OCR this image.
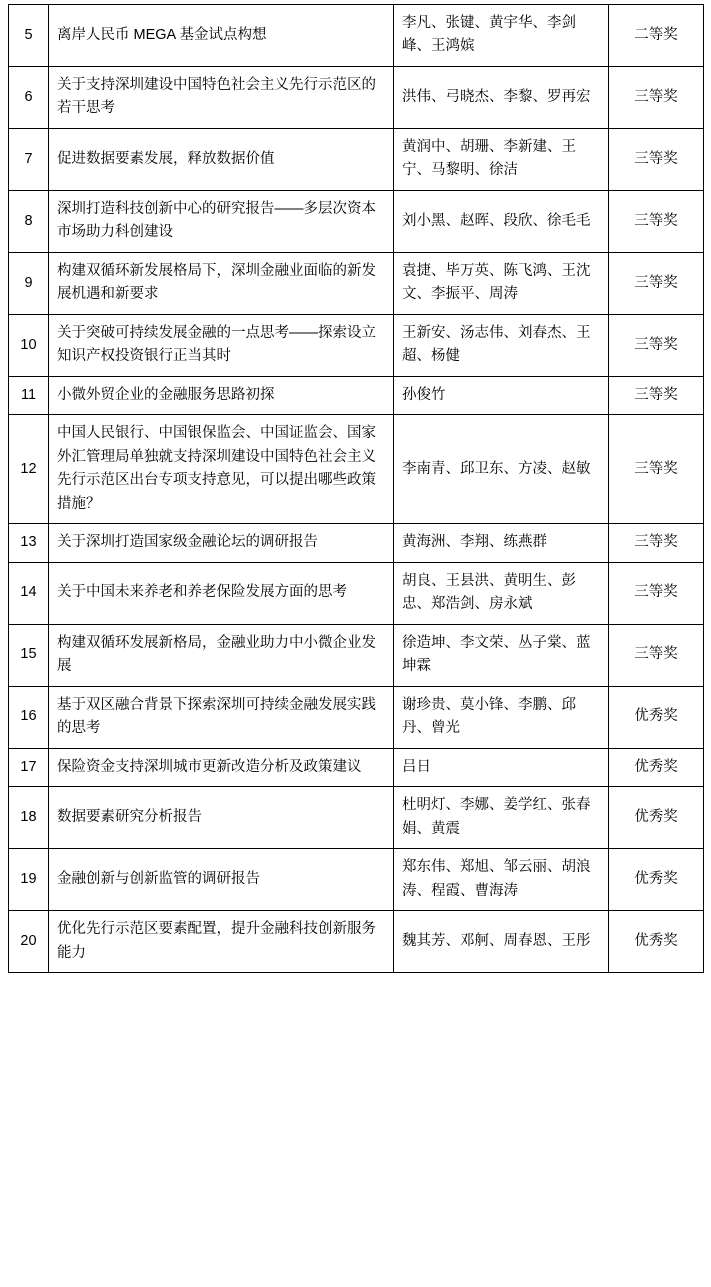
5	离岸人民币 MEGA 基金试点构想	李凡、张键、黄宇华、李剑峰、王鸿嫔	二等奖
6	关于支持深圳建设中国特色社会主义先行示范区的若干思考	洪伟、弓晓杰、李黎、罗再宏	三等奖
7	促进数据要素发展，释放数据价值	黄润中、胡珊、李新建、王宁、马黎明、徐洁	三等奖
8	深圳打造科技创新中心的研究报告――多层次资本市场助力科创建设	刘小黑、赵晖、段欣、徐毛毛	三等奖
9	构建双循环新发展格局下，深圳金融业面临的新发展机遇和新要求	袁捷、毕万英、陈飞鸿、王沈文、李振平、周涛	三等奖
10	关于突破可持续发展金融的一点思考――探索设立知识产权投资银行正当其时	王新安、汤志伟、刘春杰、王超、杨健	三等奖
11	小微外贸企业的金融服务思路初探	孙俊竹	三等奖
12	中国人民银行、中国银保监会、中国证监会、国家外汇管理局单独就支持深圳建设中国特色社会主义先行示范区出台专项支持意见，可以提出哪些政策措施？	李南青、邱卫东、方凌、赵敏	三等奖
13	关于深圳打造国家级金融论坛的调研报告	黄海洲、李翔、练燕群	三等奖
14	关于中国未来养老和养老保险发展方面的思考	胡良、王县洪、黄明生、彭忠、郑浩剑、房永斌	三等奖
15	构建双循环发展新格局，金融业助力中小微企业发展	徐造坤、李文荣、丛子棠、蓝坤霖	三等奖
16	基于双区融合背景下探索深圳可持续金融发展实践的思考	谢珍贵、莫小锋、李鹏、邱丹、曾光	优秀奖
17	保险资金支持深圳城市更新改造分析及政策建议	吕日	优秀奖
18	数据要素研究分析报告	杜明灯、李娜、姜学红、张春娟、黄震	优秀奖
19	金融创新与创新监管的调研报告	郑东伟、郑旭、邹云丽、胡浪涛、程霞、曹海涛	优秀奖
20	优化先行示范区要素配置，提升金融科技创新服务能力	魏其芳、邓舸、周春恩、王彤	优秀奖
